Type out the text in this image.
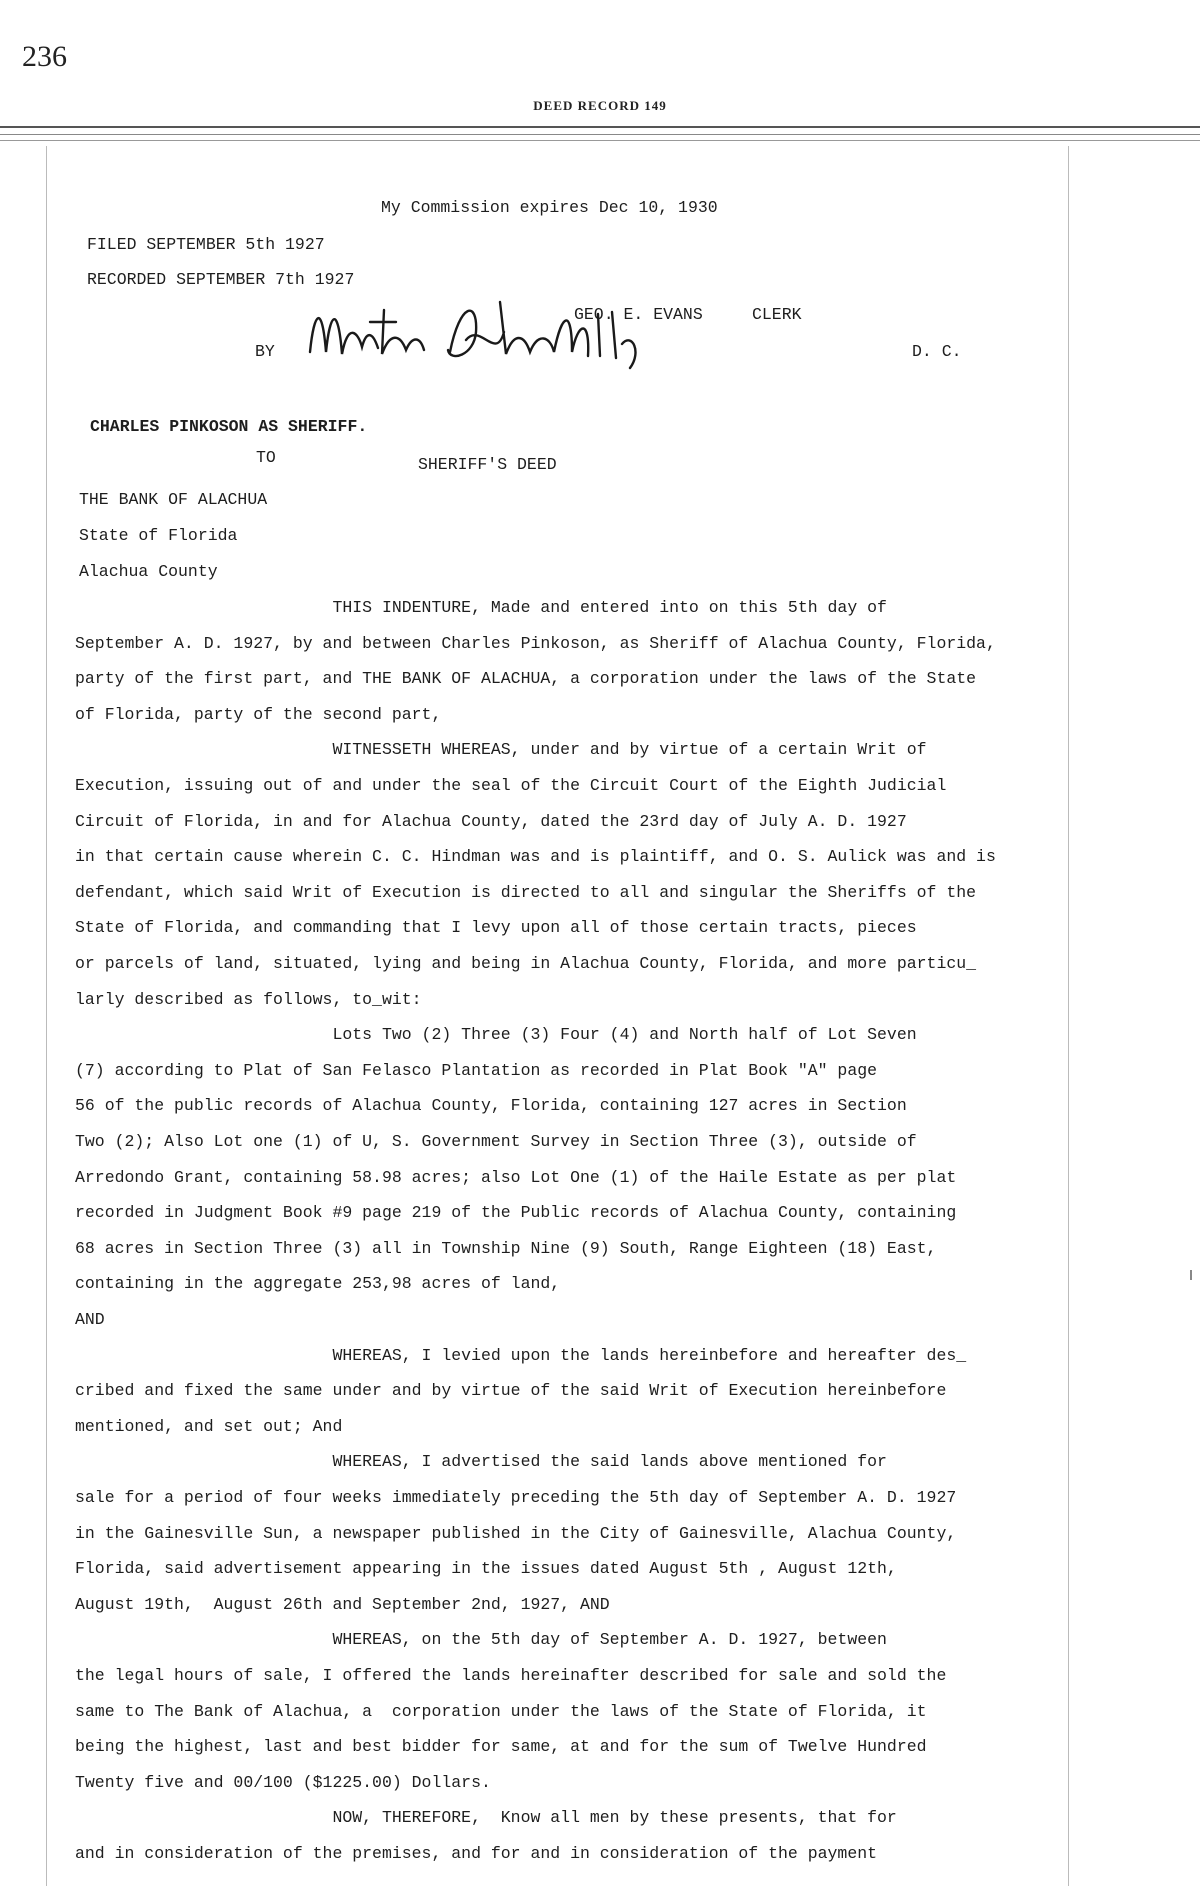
236
DEED RECORD 149
My Commission expires Dec 10, 1930
FILED SEPTEMBER 5th 1927
RECORDED SEPTEMBER 7th 1927
GEO. E. EVANS	CLERK
BY	D. C.
CHARLES PINKOSON AS SHERIFF.
TO	SHERIFF'S DEED
THE BANK OF ALACHUA
State of Florida
Alachua County
THIS INDENTURE, Made and entered into on this 5th day of
September A. D. 1927, by and between Charles Pinkoson, as Sheriff of Alachua County, Florida,
party of the first part, and THE BANK OF ALACHUA, a corporation under the laws of the State
of Florida, party of the second part,
WITNESSETH WHEREAS, under and by virtue of a certain Writ of
Execution, issuing out of and under the seal of the Circuit Court of the Eighth Judicial
Circuit of Florida, in and for Alachua County, dated the 23rd day of July A. D. 1927
in that certain cause wherein C. C. Hindman was and is plaintiff, and O. S. Aulick was and is
defendant, which said Writ of Execution is directed to all and singular the Sheriffs of the
State of Florida, and commanding that I levy upon all of those certain tracts, pieces
or parcels of land, situated, lying and being in Alachua County, Florida, and more particu_
larly described as follows, to_wit:
Lots Two (2) Three (3) Four (4) and North half of Lot Seven
(7) according to Plat of San Felasco Plantation as recorded in Plat Book "A" page
56 of the public records of Alachua County, Florida, containing 127 acres in Section
Two (2); Also Lot one (1) of U, S. Government Survey in Section Three (3), outside of
Arredondo Grant, containing 58.98 acres; also Lot One (1) of the Haile Estate as per plat
recorded in Judgment Book #9 page 219 of the Public records of Alachua County, containing
68 acres in Section Three (3) all in Township Nine (9) South, Range Eighteen (18) East,
containing in the aggregate 253,98 acres of land,
AND
WHEREAS, I levied upon the lands hereinbefore and hereafter des_
cribed and fixed the same under and by virtue of the said Writ of Execution hereinbefore
mentioned, and set out; And
WHEREAS, I advertised the said lands above mentioned for
sale for a period of four weeks immediately preceding the 5th day of September A. D. 1927
in the Gainesville Sun, a newspaper published in the City of Gainesville, Alachua County,
Florida, said advertisement appearing in the issues dated August 5th , August 12th,
August 19th,  August 26th and September 2nd, 1927, AND
WHEREAS, on the 5th day of September A. D. 1927, between
the legal hours of sale, I offered the lands hereinafter described for sale and sold the
same to The Bank of Alachua, a  corporation under the laws of the State of Florida, it
being the highest, last and best bidder for same, at and for the sum of Twelve Hundred
Twenty five and 00/100 ($1225.00) Dollars.
NOW, THEREFORE,  Know all men by these presents, that for
and in consideration of the premises, and for and in consideration of the payment
